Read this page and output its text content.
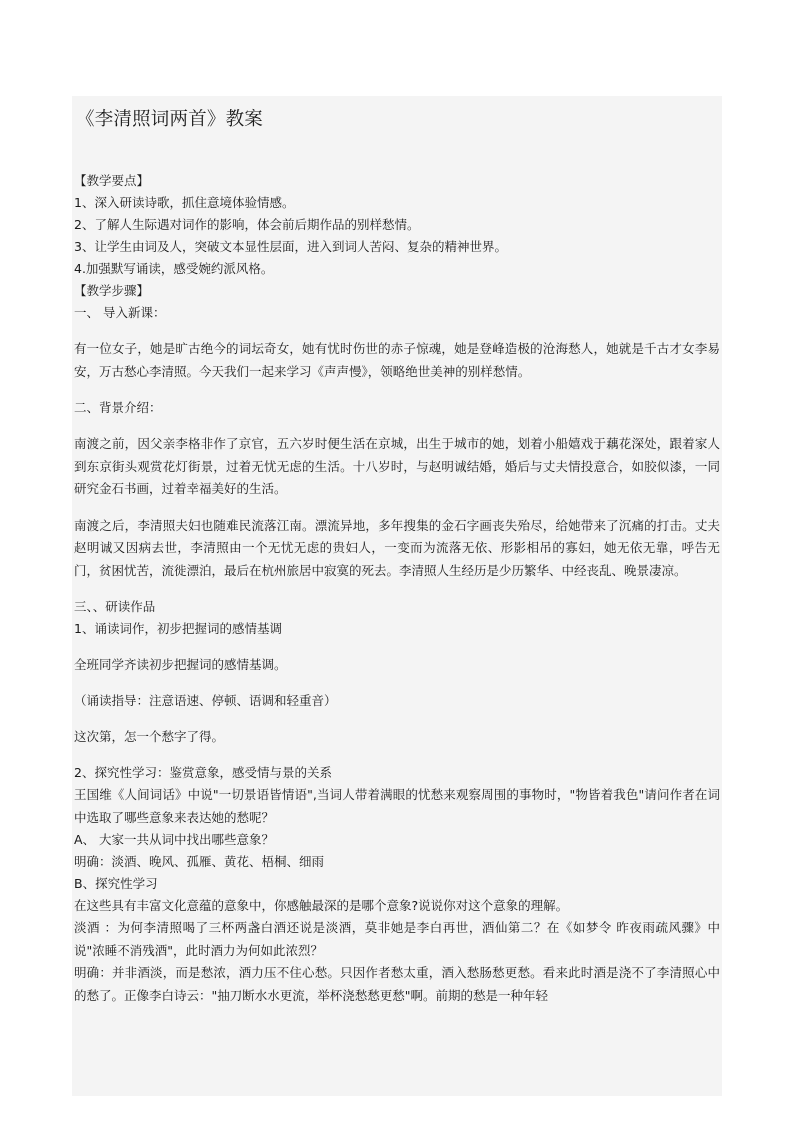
《李清照词两首》教案
【教学要点】
1、深入研读诗歌，抓住意境体验情感。
2、了解人生际遇对词作的影响，体会前后期作品的别样愁情。
3、让学生由词及人，突破文本显性层面，进入到词人苦闷、复杂的精神世界。
4.加强默写诵读，感受婉约派风格。
【教学步骤】
一、 导入新课：
有一位女子，她是旷古绝今的词坛奇女，她有忧时伤世的赤子惊魂，她是登峰造极的沧海愁人，她就是千古才女李易安，万古愁心李清照。今天我们一起来学习《声声慢》，领略绝世美神的别样愁情。
二、背景介绍：
南渡之前，因父亲李格非作了京官，五六岁时便生活在京城，出生于城市的她，划着小船嬉戏于藕花深处，跟着家人到东京街头观赏花灯街景，过着无忧无虑的生活。十八岁时，与赵明诚结婚，婚后与丈夫情投意合，如胶似漆，一同研究金石书画，过着幸福美好的生活。
南渡之后，李清照夫妇也随难民流落江南。漂流异地，多年搜集的金石字画丧失殆尽，给她带来了沉痛的打击。丈夫赵明诚又因病去世，李清照由一个无忧无虑的贵妇人，一变而为流落无依、形影相吊的寡妇，她无依无靠，呼告无门，贫困忧苦，流徙漂泊，最后在杭州旅居中寂寞的死去。李清照人生经历是少历繁华、中经丧乱、晚景凄凉。
三、、研读作品
1、诵读词作，初步把握词的感情基调
全班同学齐读初步把握词的感情基调。
（诵读指导：注意语速、停顿、语调和轻重音）
这次第，怎一个愁字了得。
2、探究性学习：鉴赏意象，感受情与景的关系
王国维《人间词话》中说"一切景语皆情语",当词人带着满眼的忧愁来观察周围的事物时，"物皆着我色"请问作者在词中选取了哪些意象来表达她的愁呢？
A、 大家一共从词中找出哪些意象？
明确：淡酒、晚风、孤雁、黄花、梧桐、细雨
B、探究性学习
在这些具有丰富文化意蕴的意象中，你感触最深的是哪个意象?说说你对这个意象的理解。
淡酒 ：为何李清照喝了三杯两盏白酒还说是淡酒，莫非她是李白再世，酒仙第二？在《如梦令 昨夜雨疏风骤》中说"浓睡不消残酒"，此时酒力为何如此浓烈？
明确：并非酒淡，而是愁浓，酒力压不住心愁。只因作者愁太重，酒入愁肠愁更愁。看来此时酒是浇不了李清照心中的愁了。正像李白诗云："抽刀断水水更流，举杯浇愁愁更愁"啊。前期的愁是一种年轻
